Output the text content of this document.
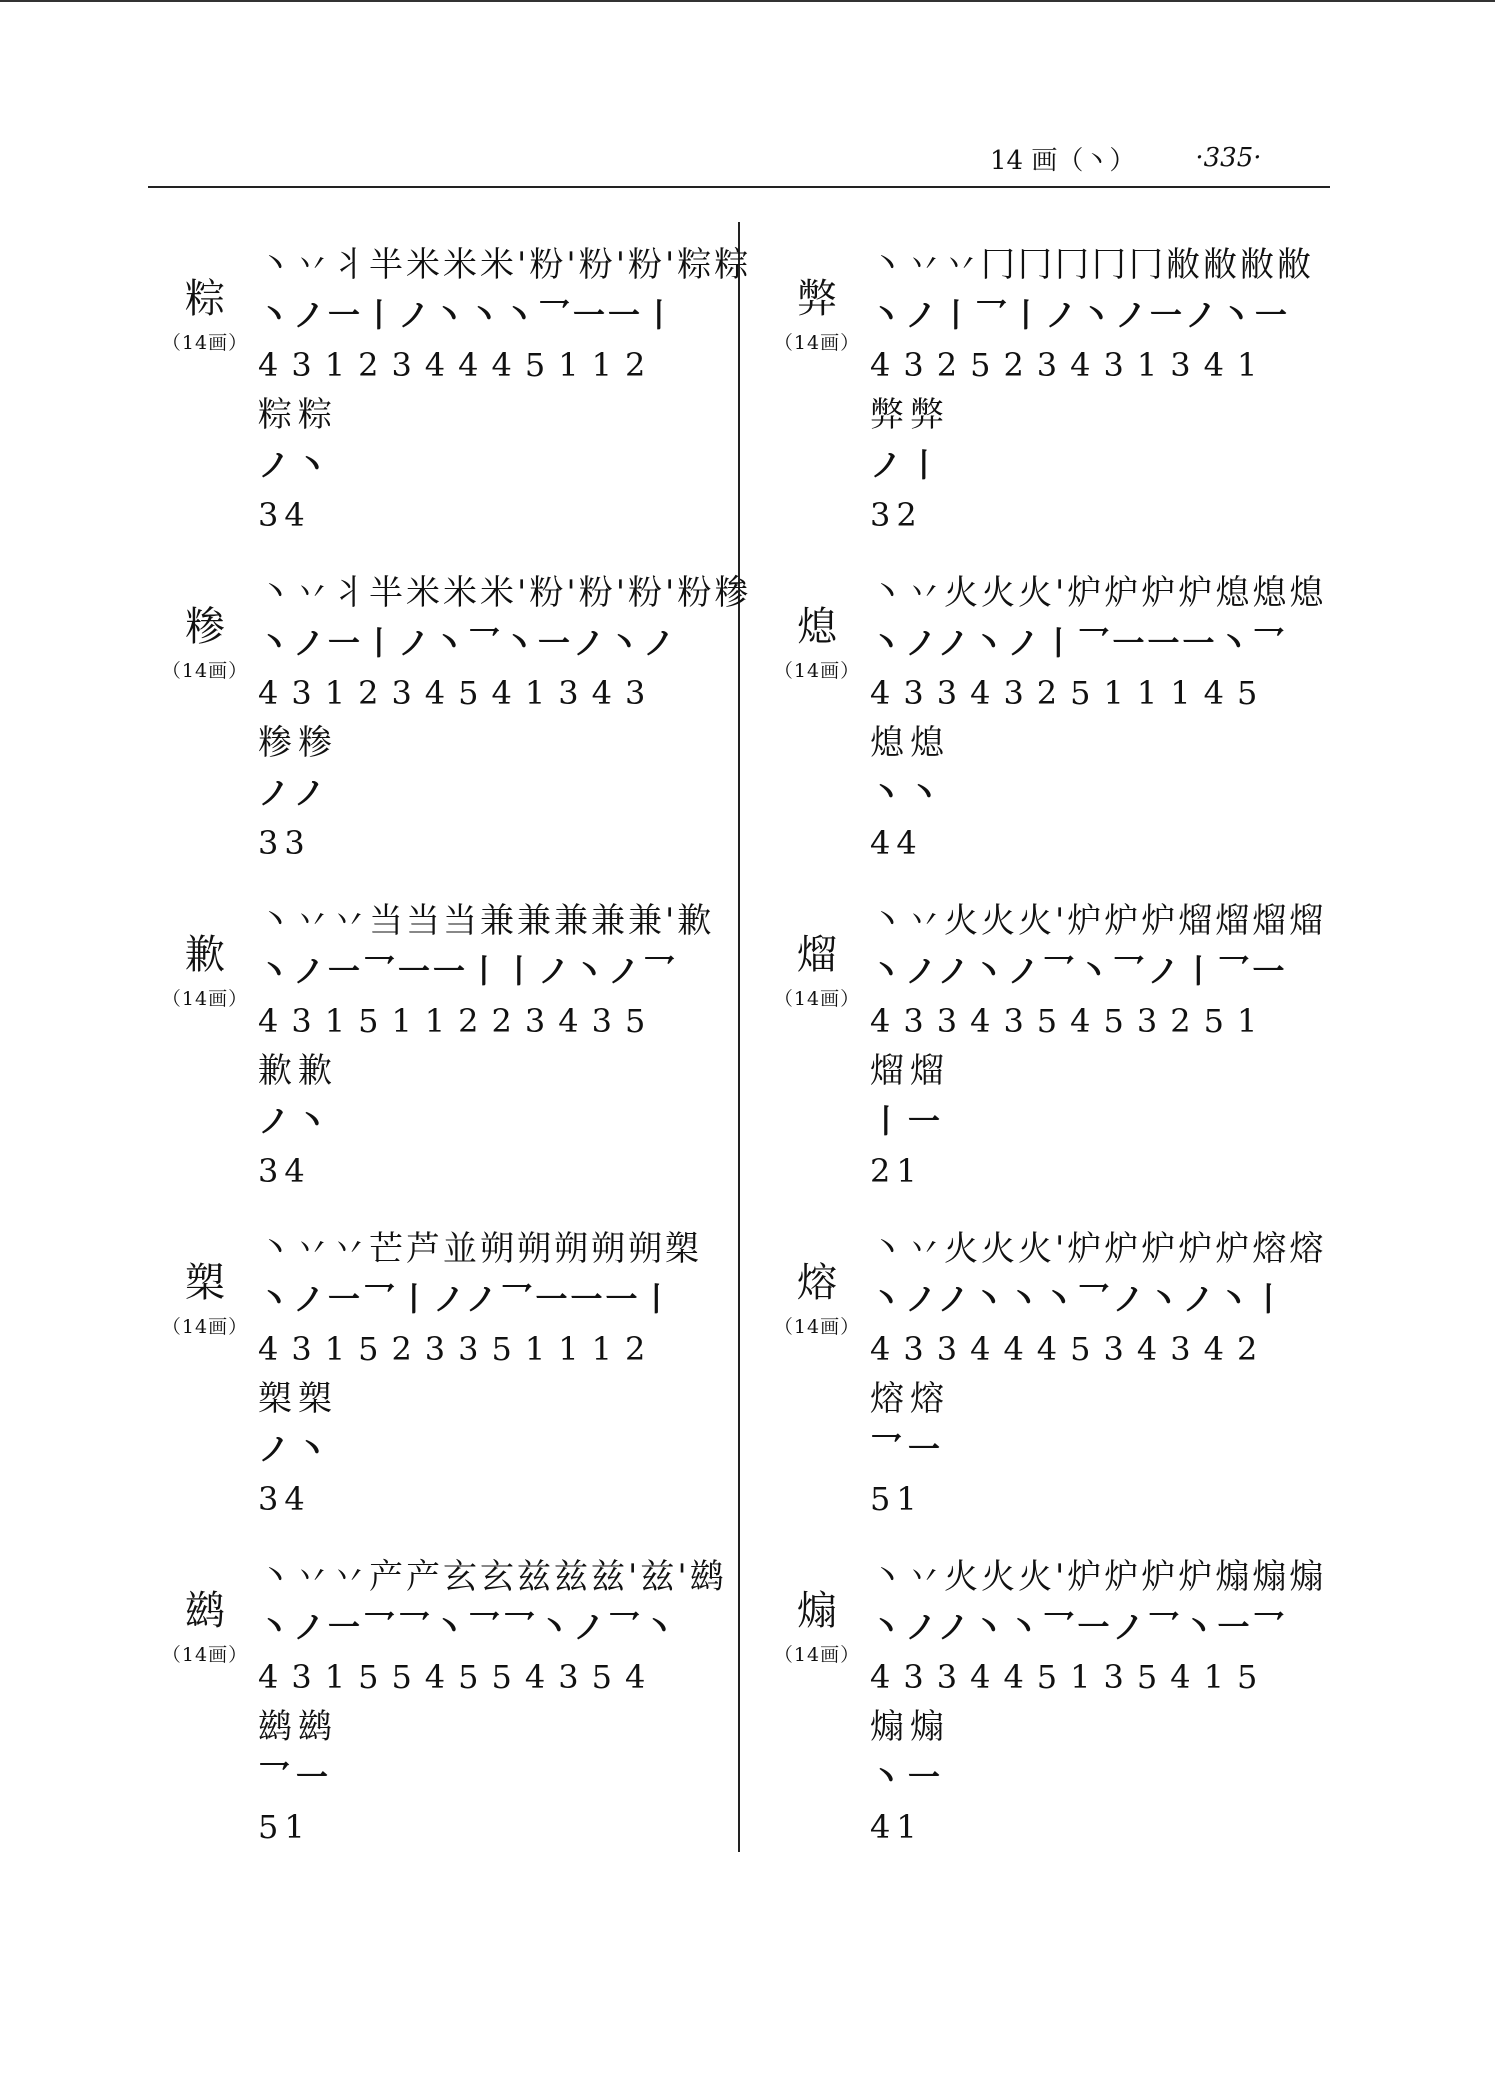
14 画（丶） ·335·
粽
（14画）

丶丷丬半米米米'粉'粉'粉'粽粽

丶ノ一丨ノ丶丶丶乛一一丨

431234445112

粽粽

ノ丶

34

糁
（14画）

丶丷丬半米米米'粉'粉'粉'粉糁

丶ノ一丨ノ丶乛丶一ノ丶ノ

431234541343

糁糁

ノノ

33

歉
（14画）

丶丷丷当当当兼兼兼兼兼'歉

丶ノ一乛一一丨丨ノ丶ノ乛

431511223435

歉歉

ノ丶

34

槊
（14画）

丶丷丷芒芦並朔朔朔朔朔槊

丶ノ一乛丨ノノ乛一一一丨

431523351112

槊槊

ノ丶

34

鹚
（14画）

丶丷丷产产玄玄兹兹兹'兹'鹚

丶ノ一乛乛丶乛乛丶ノ乛丶

431554554354

鹚鹚

乛一

51

弊
（14画）

丶丷丷冂冂冂冂冂敝敝敝敝

丶ノ丨乛丨ノ丶ノ一ノ丶一

432523431341

弊弊

ノ丨

32

熄
（14画）

丶丷火火火'炉炉炉炉熄熄熄

丶ノノ丶ノ丨乛一一一丶乛

433432511145

熄熄

丶丶

44

熘
（14画）

丶丷火火火'炉炉炉熘熘熘熘

丶ノノ丶ノ乛丶乛ノ丨乛一

433435453251

熘熘

丨一

21

熔
（14画）

丶丷火火火'炉炉炉炉炉熔熔

丶ノノ丶丶丶乛ノ丶ノ丶丨

433444534342

熔熔

乛一

51

煽
（14画）

丶丷火火火'炉炉炉炉煽煽煽

丶ノノ丶丶乛一ノ乛丶一乛

433445135415

煽煽

丶一

41
